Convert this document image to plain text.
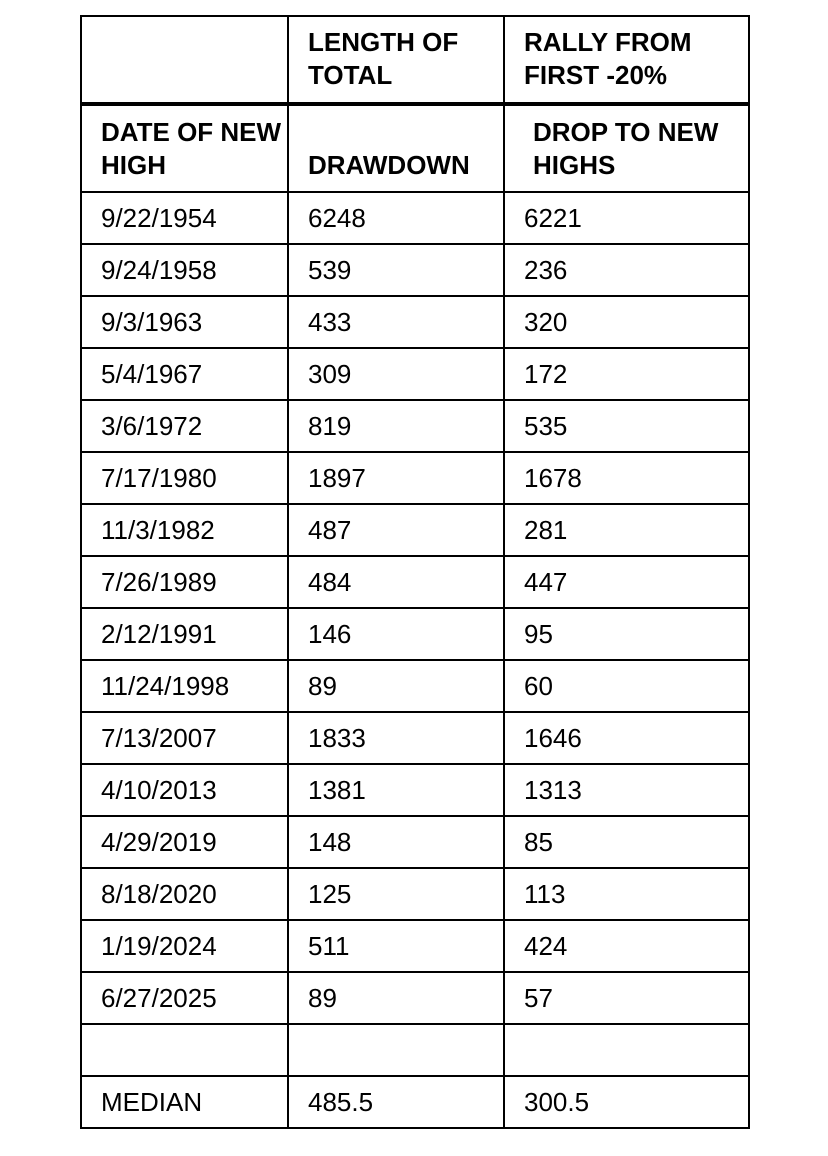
	LENGTH OF TOTAL	RALLY FROM FIRST -20%
DATE OF NEW HIGH	DRAWDOWN	DROP TO NEW HIGHS
9/22/1954	6248	6221
9/24/1958	539	236
9/3/1963	433	320
5/4/1967	309	172
3/6/1972	819	535
7/17/1980	1897	1678
11/3/1982	487	281
7/26/1989	484	447
2/12/1991	146	95
11/24/1998	89	60
7/13/2007	1833	1646
4/10/2013	1381	1313
4/29/2019	148	85
8/18/2020	125	113
1/19/2024	511	424
6/27/2025	89	57

MEDIAN	485.5	300.5
